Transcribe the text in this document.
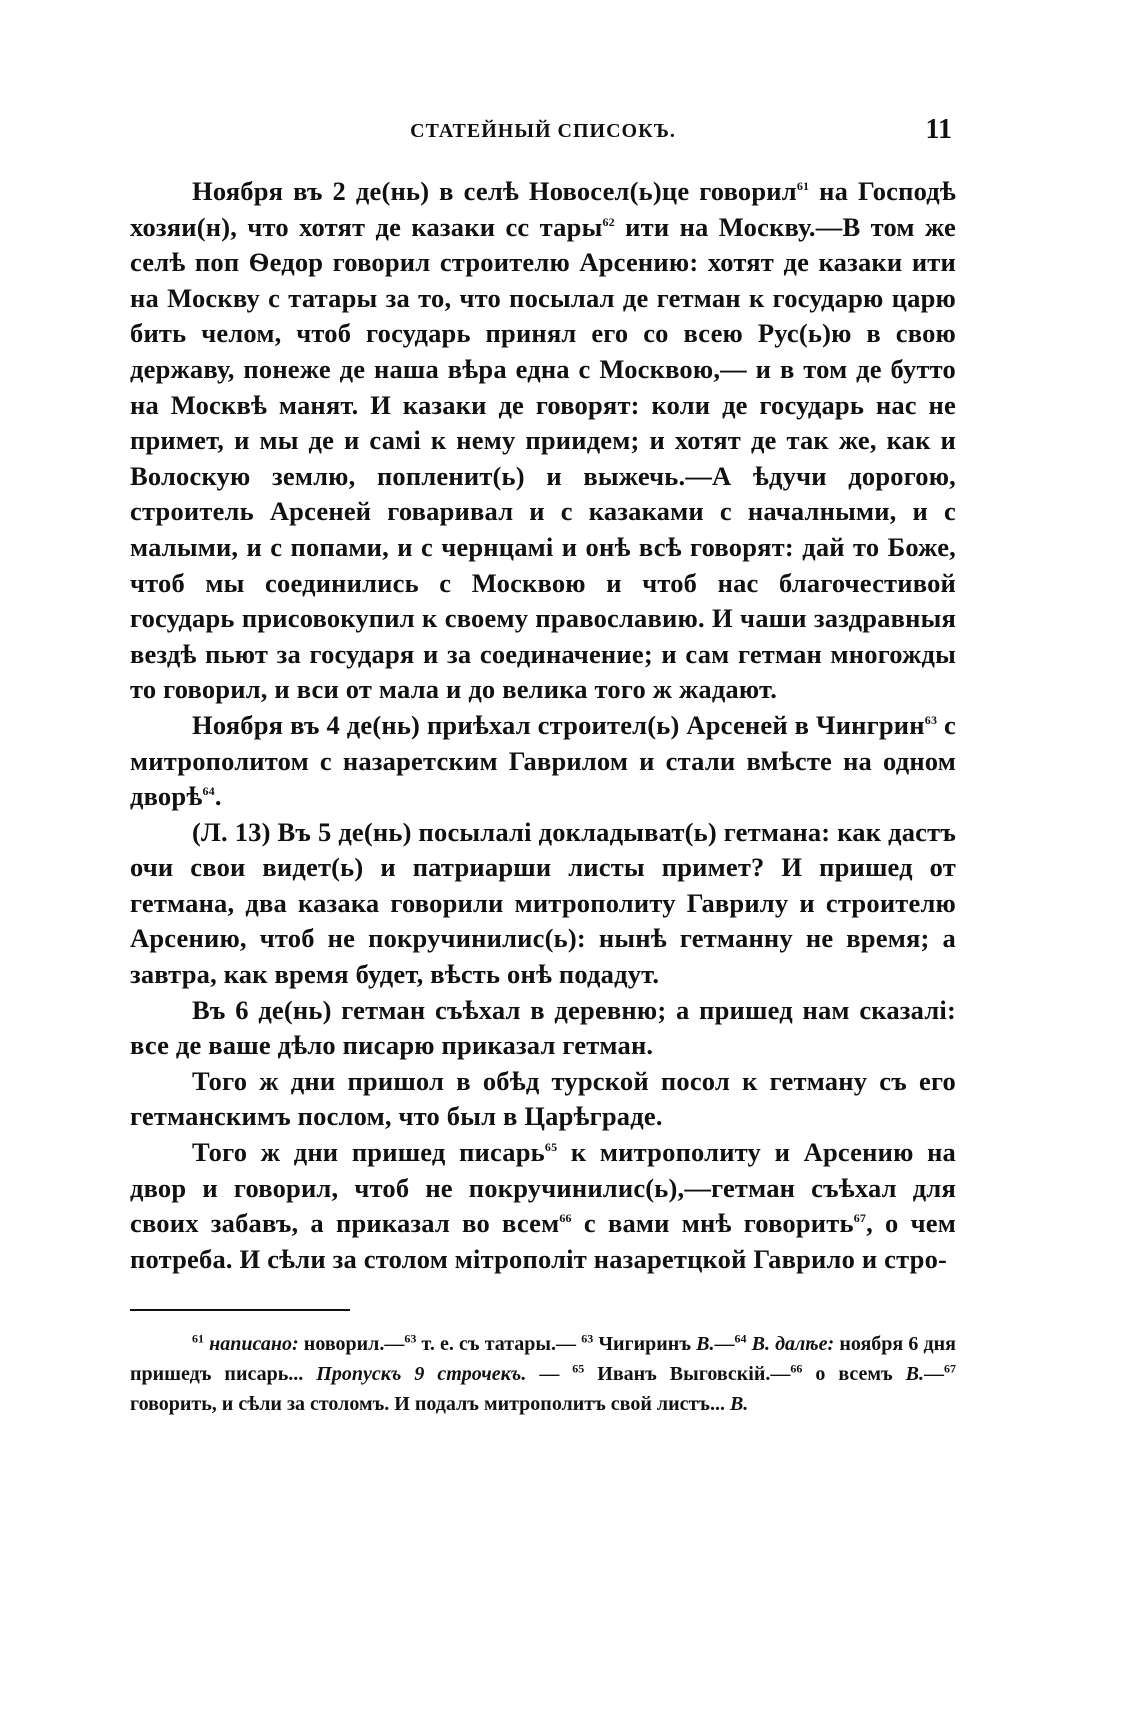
СТАТЕЙНЫЙ СПИСОКЪ.	11

Ноября въ 2 де(нь) в селѣ Новосел(ь)це говорил$^{61}$ на Господѣ хозяи(н), что хотят де казаки сс тары$^{62}$ ити на Москву.—В том же селѣ поп Ѳедор говорил строителю Арсению: хотят де казаки ити на Москву с татары за то, что посылал де гетман к государю царю бить челом, чтоб государь принял его со всею Рус(ь)ю в свою державу, понеже де наша вѣра една с Москвою,— и в том де бутто на Москвѣ манят. И казаки де говорят: коли де государь нас не примет, и мы де и самі к нему приидем; и хотят де так же, как и Волоскую землю, попленит(ь) и выжечь.—А ѣдучи дорогою, строитель Арсеней говаривал и с казаками с началными, и с малыми, и с попами, и с чернцамі и онѣ всѣ говорят: дай то Боже, чтоб мы соединились с Москвою и чтоб нас благочестивой государь присовокупил к своему православию. И чаши заздравныя вездѣ пьют за государя и за соединачение; и сам гетман многожды то говорил, и вси от мала и до велика того ж жадают.

Ноября въ 4 де(нь) приѣхал строител(ь) Арсеней в Чингрин$^{63}$ с митрополитом с назаретским Гаврилом и стали вмѣсте на одном дворѣ$^{64}$.

(Л. 13) Въ 5 де(нь) посылалі докладыват(ь) гетмана: как дастъ очи свои видет(ь) и патриарши листы примет? И пришед от гетмана, два казака говорили митрополиту Гаврилу и строителю Арсению, чтоб не покручинилис(ь): нынѣ гетманну не время; а завтра, как время будет, вѣсть онѣ подадут.

Въ 6 де(нь) гетман съѣхал в деревню; а пришед нам сказалі: все де ваше дѣло писарю приказал гетман.

Того ж дни пришол в обѣд турской посол к гетману съ его гетманскимъ послом, что был в Царѣграде.

Того ж дни пришед писарь$^{65}$ к митрополиту и Арсению на двор и говорил, чтоб не покручинилис(ь),—гетман съѣхал для своих забавъ, а приказал во всем$^{66}$ с вами мнѣ говорить$^{67}$, о чем потреба. И сѣли за столом мітрополіт назаретцкой Гаврило и стро-

$^{61}$ написано: новорил.—$^{63}$ т. е. съ татары.— $^{63}$ Чигиринъ В.—$^{64}$ В. далѣе: ноября 6 дня пришедъ писарь... Пропускъ 9 строчекъ. — $^{65}$ Иванъ Выговскій.—$^{66}$ о всемъ В.—$^{67}$ говорить, и сѣли за столомъ. И подалъ митрополитъ свой листъ... В.
